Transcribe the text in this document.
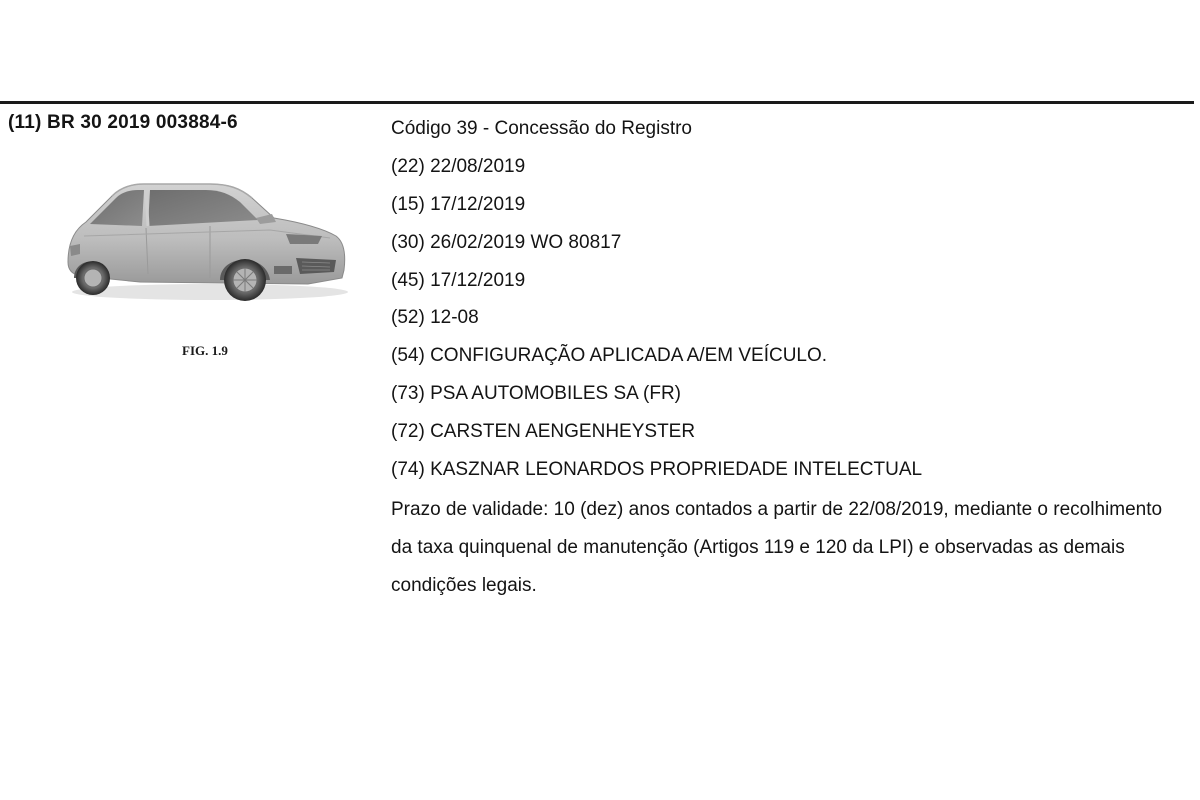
(11) BR 30 2019 003884-6
FIG. 1.9
Código 39 - Concessão do Registro
(22) 22/08/2019
(15) 17/12/2019
(30) 26/02/2019 WO 80817
(45) 17/12/2019
(52) 12-08
(54) CONFIGURAÇÃO APLICADA A/EM VEÍCULO.
(73) PSA AUTOMOBILES SA (FR)
(72) CARSTEN AENGENHEYSTER
(74) KASZNAR LEONARDOS PROPRIEDADE INTELECTUAL
Prazo de validade: 10 (dez) anos contados a partir de 22/08/2019, mediante o recolhimento da taxa quinquenal de manutenção (Artigos 119 e 120 da LPI) e observadas as demais condições legais.
